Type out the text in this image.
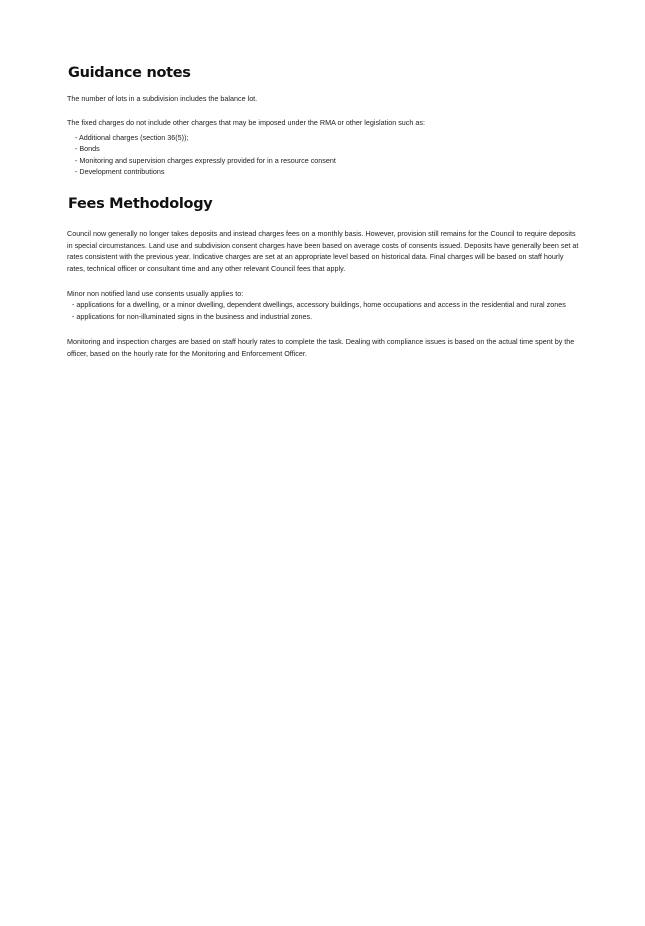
Guidance notes

The number of lots in a subdivision includes the balance lot.

The fixed charges do not include other charges that may be imposed under the RMA or other legislation such as:

- Additional charges (section 36(5));
- Bonds
- Monitoring and supervision charges expressly provided for in a resource consent
- Development contributions
Fees Methodology

Council now generally no longer takes deposits and instead charges fees on a monthly basis. However, provision still remains for the Council to require deposits in special circumstances. Land use and subdivision consent charges have been based on average costs of consents issued. Deposits have generally been set at rates consistent with the previous year. Indicative charges are set at an appropriate level based on historical data. Final charges will be based on staff hourly rates, technical officer or consultant time and any other relevant Council fees that apply.

Minor non notified land use consents usually applies to:

- applications for a dwelling, or a minor dwelling, dependent dwellings, accessory buildings, home occupations and access in the residential and rural zones
- applications for non-illuminated signs in the business and industrial zones.

Monitoring and inspection charges are based on staff hourly rates to complete the task. Dealing with compliance issues is based on the actual time spent by the officer, based on the hourly rate for the Monitoring and Enforcement Officer.
